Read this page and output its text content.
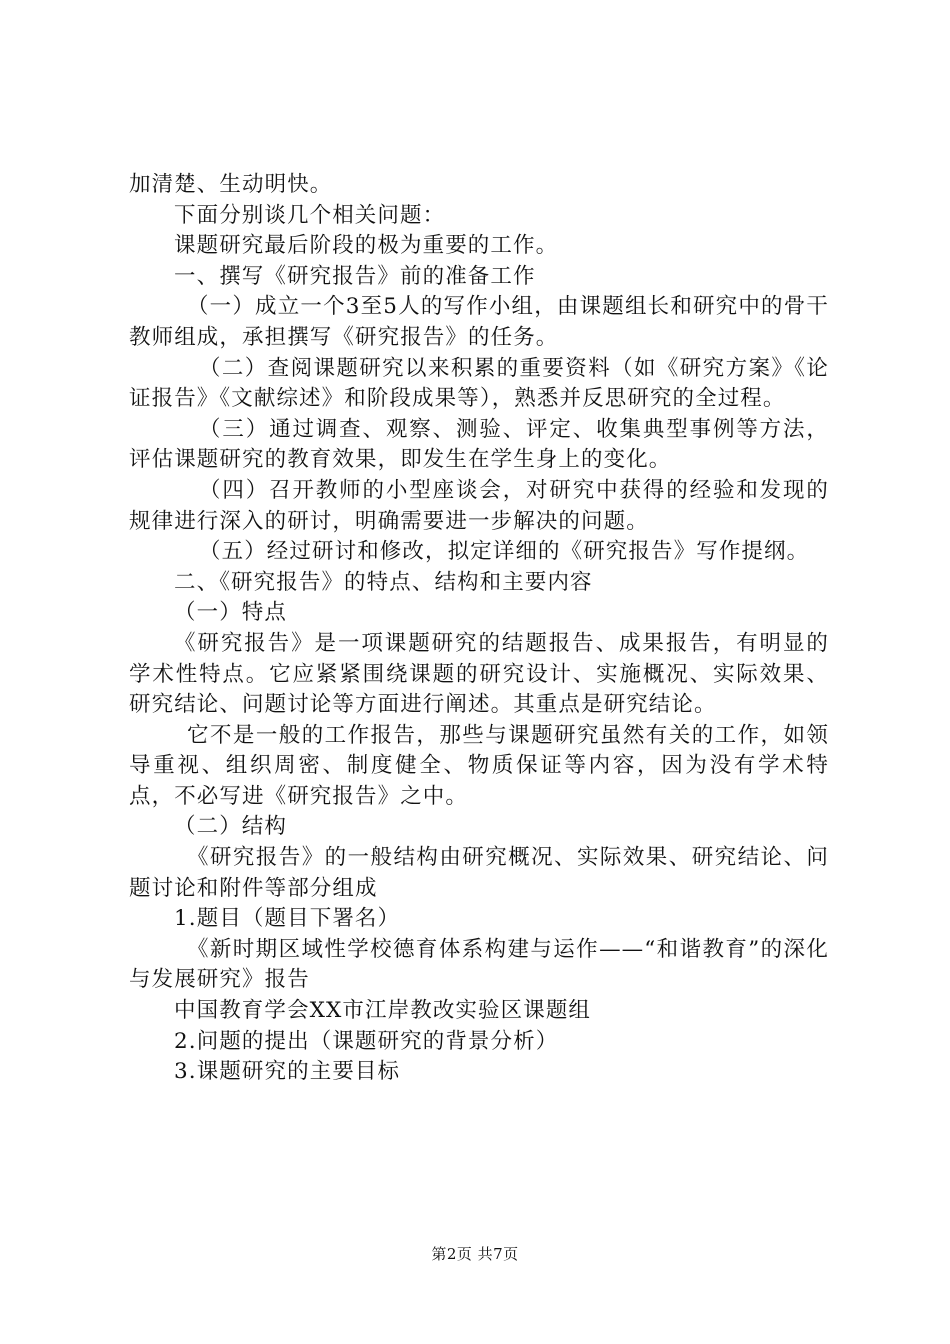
加清楚、生动明快。

下面分别谈几个相关问题：

课题研究最后阶段的极为重要的工作。

一、撰写《研究报告》前的准备工作

（一）成立一个3至5人的写作小组，由课题组长和研究中的骨干教师组成，承担撰写《研究报告》的任务。

（二）查阅课题研究以来积累的重要资料（如《研究方案》《论证报告》《文献综述》和阶段成果等），熟悉并反思研究的全过程。

（三）通过调查、观察、测验、评定、收集典型事例等方法，评估课题研究的教育效果，即发生在学生身上的变化。

（四）召开教师的小型座谈会，对研究中获得的经验和发现的规律进行深入的研讨，明确需要进一步解决的问题。

（五）经过研讨和修改，拟定详细的《研究报告》写作提纲。

二、《研究报告》的特点、结构和主要内容

（一）特点

《研究报告》是一项课题研究的结题报告、成果报告，有明显的学术性特点。它应紧紧围绕课题的研究设计、实施概况、实际效果、研究结论、问题讨论等方面进行阐述。其重点是研究结论。

它不是一般的工作报告，那些与课题研究虽然有关的工作，如领导重视、组织周密、制度健全、物质保证等内容，因为没有学术特点，不必写进《研究报告》之中。

（二）结构

《研究报告》的一般结构由研究概况、实际效果、研究结论、问题讨论和附件等部分组成

1.题目（题目下署名）

《新时期区域性学校德育体系构建与运作——“和谐教育”的深化与发展研究》报告

中国教育学会XX市江岸教改实验区课题组

2.问题的提出（课题研究的背景分析）

3.课题研究的主要目标

第2页 共7页
